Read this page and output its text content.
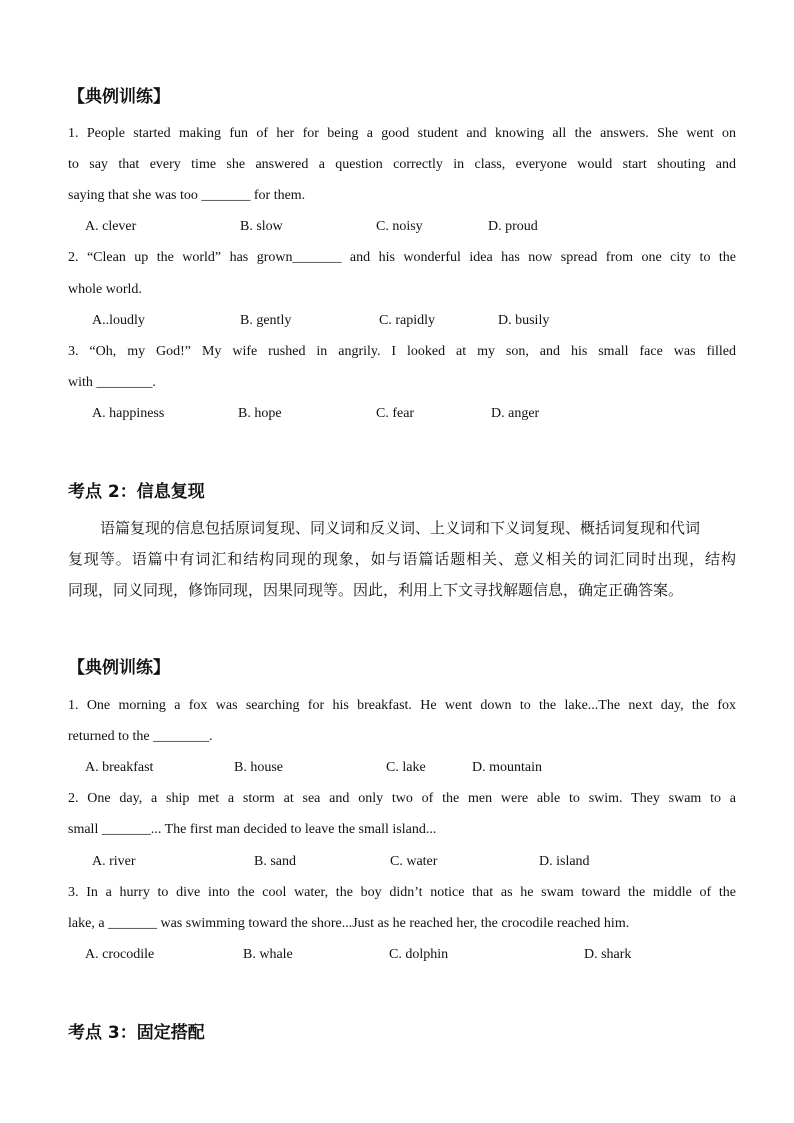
【典例训练】
1. People started making fun of her for being a good student and knowing all the answers. She went on
to say that every time she answered a question correctly in class, everyone would start shouting and
saying that she was too _______ for them.
A. clever	B. slow	C. noisy	D. proud
2. “Clean up the world” has grown_______ and his wonderful idea has now spread from one city to the
whole world.
A..loudly	B. gently	C. rapidly	D. busily
3. “Oh, my God!” My wife rushed in angrily. I looked at my son, and his small face was filled
with ________.
A. happiness	B. hope	C. fear	D. anger
考点 2：信息复现
语篇复现的信息包括原词复现、同义词和反义词、上义词和下义词复现、概括词复现和代词
复现等。语篇中有词汇和结构同现的现象，如与语篇话题相关、意义相关的词汇同时出现，结构
同现，同义同现，修饰同现，因果同现等。因此，利用上下文寻找解题信息，确定正确答案。
【典例训练】
1. One morning a fox was searching for his breakfast. He went down to the lake...The next day, the fox
returned to the ________.
A. breakfast	B. house	C. lake	D. mountain
2. One day, a ship met a storm at sea and only two of the men were able to swim. They swam to a
small _______... The first man decided to leave the small island...
A. river	B. sand	C. water	D. island
3. In a hurry to dive into the cool water, the boy didn’t notice that as he swam toward the middle of the
lake, a _______ was swimming toward the shore...Just as he reached her, the crocodile reached him.
A. crocodile	B. whale	C. dolphin	D. shark
考点 3：固定搭配
